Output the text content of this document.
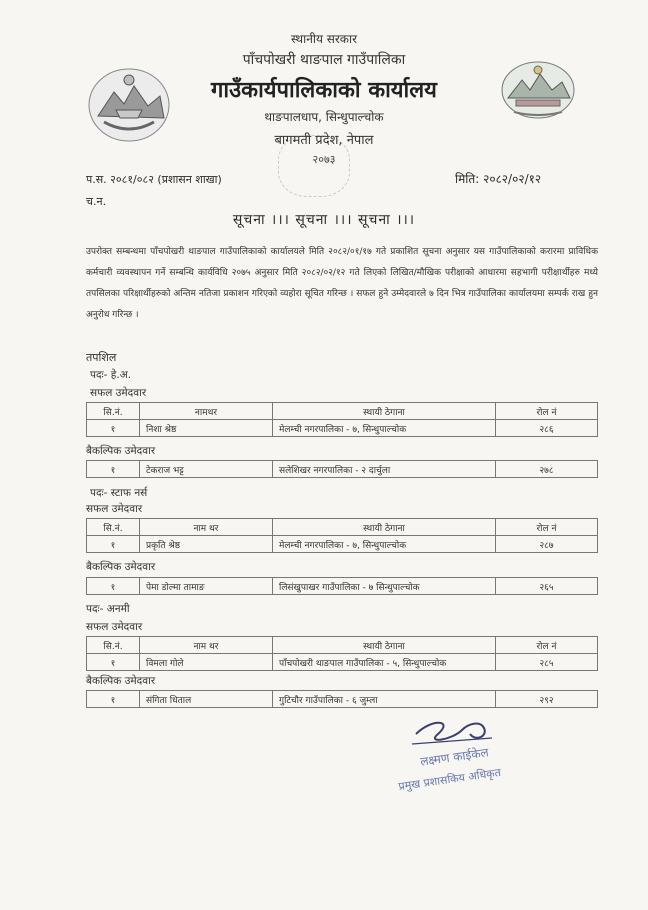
स्थानीय सरकार
पाँचपोखरी थाङपाल गाउँपालिका
गाउँकार्यपालिकाको कार्यालय
थाङपालधाप, सिन्धुपाल्चोक
बागमती प्रदेश, नेपाल
२०७३
प.स. २०८१/०८२ (प्रशासन शाखा)	मिति: २०८२/०२/१२
च.न.
सूचना ।।। सूचना ।।। सूचना ।।।
उपरोक्त सम्बन्धमा पाँचपोखरी थाङपाल गाउँपालिकाको कार्यालयले मिति २०८२/०१/१७ गते प्रकाशित सूचना अनुसार यस गाउँपालिकाको करारमा प्राविधिक कर्मचारी व्यवस्थापन गर्ने सम्बन्धि कार्यविधि २०७५ अनुसार मिति २०८२/०२/१२ गते लिएको लिखित/मौखिक परीक्षाको आधारमा सहभागी परीक्षार्थीहरु मध्ये तपसिलका परिक्षार्थीहरुको अन्तिम नतिजा प्रकाशन गरिएको व्यहोरा सूचित गरिन्छ । सफल हुने उम्मेदवारले ७ दिन भित्र गाउँपालिका कार्यालयमा सम्पर्क राख हुन अनुरोध गरिन्छ ।
तपशिल
पदः- हे.अ.
सफल उमेदवार
सि.नं.	नामथर	स्थायी ठेगाना	रोल नं
१	निशा श्रेष्ठ	मेलम्ची नगरपालिका - ७, सिन्धुपाल्चोक	२८६
बैकल्पिक उमेदवार
१	टेकराज भट्ट	सलेशिखर नगरपालिका - २ दार्चुला	२७८
पदः- स्टाफ नर्स
सफल उमेदवार
सि.नं.	नाम थर	स्थायी ठेगाना	रोल नं
१	प्रकृति श्रेष्ठ	मेलम्ची नगरपालिका - ७, सिन्धुपाल्चोक	२८७
बैकल्पिक उमेदवार
१	पेमा डोल्मा तामाङ	लिसंखुपाखर गाउँपालिका - ७ सिन्धुपाल्चोक	२६५
पदः- अनमी
सफल उमेदवार
सि.नं.	नाम थर	स्थायी ठेगाना	रोल नं
१	विमला गोले	पाँचपोखरी थाङपाल गाउँपालिका - ५, सिन्धुपाल्चोक	२८५
बैकल्पिक उमेदवार
१	संगिता धिताल	गुटिचौर गाउँपालिका - ६ जुम्ला	२९२
लक्ष्मण काईकेल
प्रमुख प्रशासकिय अधिकृत
